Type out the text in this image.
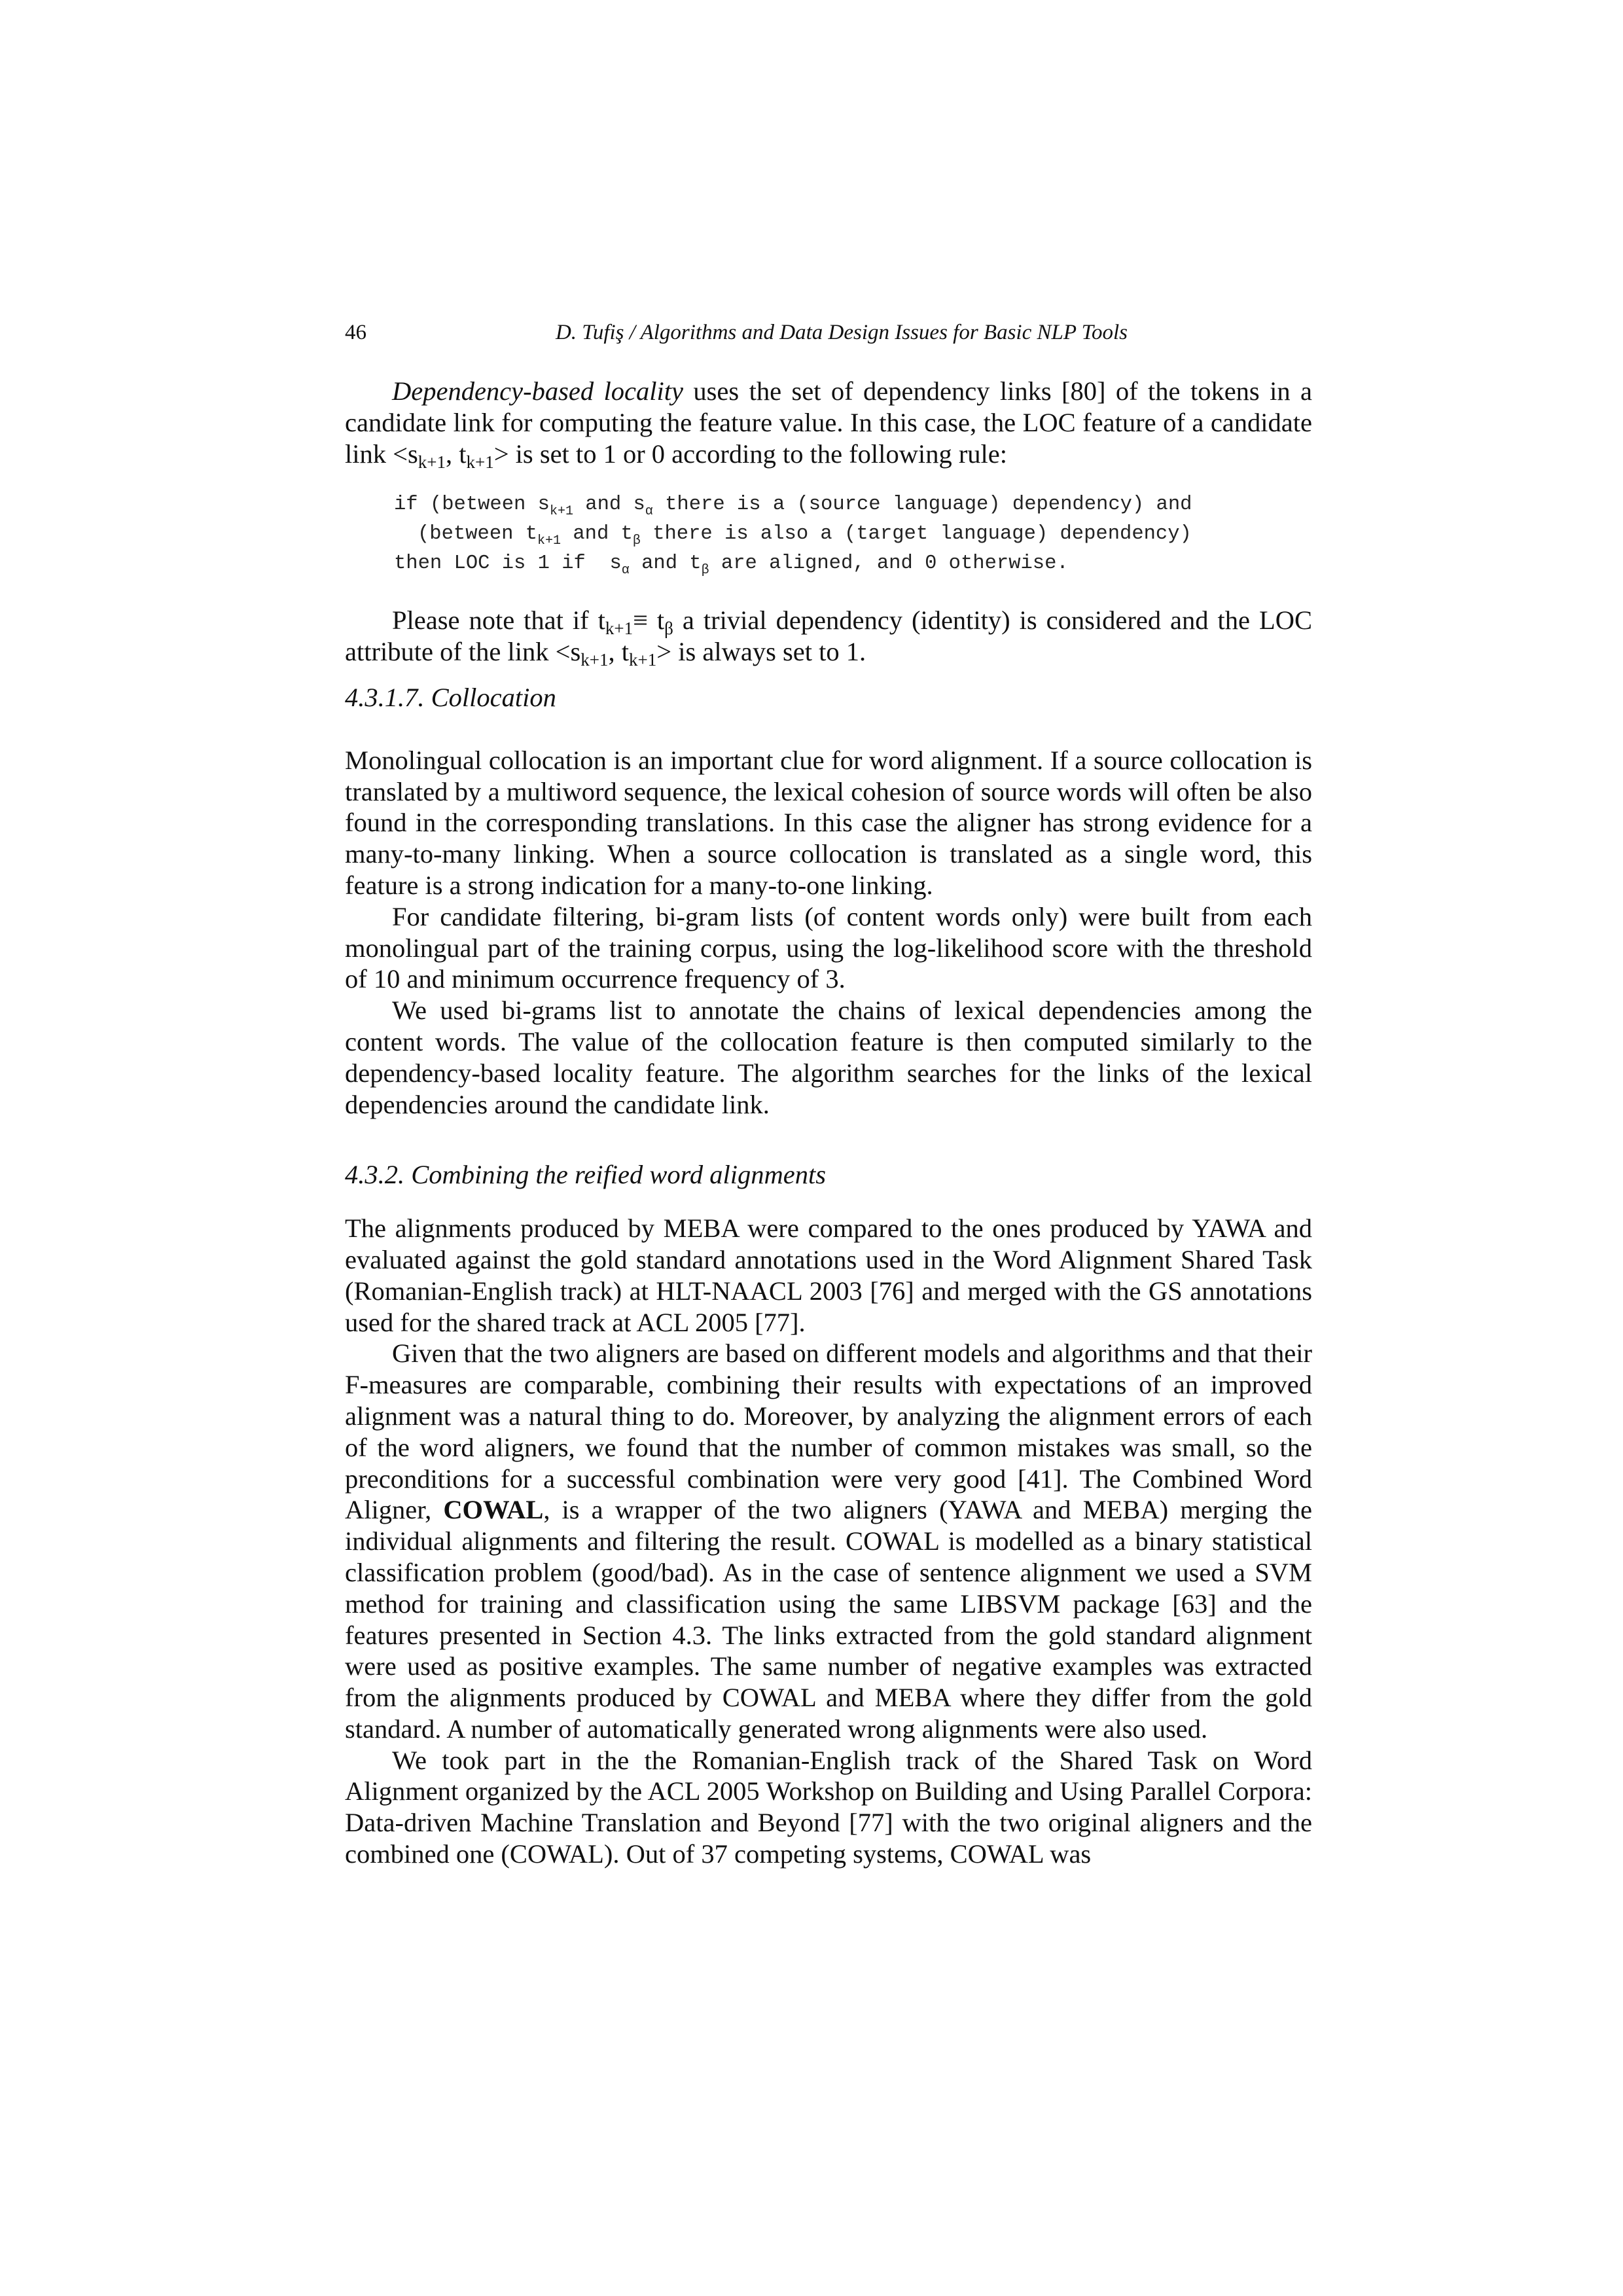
46	D. Tufiş / Algorithms and Data Design Issues for Basic NLP Tools

Dependency-based locality uses the set of dependency links [80] of the tokens in a candidate link for computing the feature value. In this case, the LOC feature of a candidate link $<s_{k+1}$, $t_{k+1}>$ is set to 1 or 0 according to the following rule:

if (between $s_{k+1}$ and $s_\alpha$ there is a (source language) dependency) and
(between $t_{k+1}$ and $t_\beta$ there is also a (target language) dependency)
then LOC is 1 if  $s_\alpha$ and $t_\beta$ are aligned, and 0 otherwise.

Please note that if $t_{k+1}\equiv t_\beta$ a trivial dependency (identity) is considered and the LOC attribute of the link $<s_{k+1}$, $t_{k+1}>$ is always set to 1.

4.3.1.7. Collocation

Monolingual collocation is an important clue for word alignment. If a source collocation is translated by a multiword sequence, the lexical cohesion of source words will often be also found in the corresponding translations. In this case the aligner has strong evidence for a many-to-many linking. When a source collocation is translated as a single word, this feature is a strong indication for a many-to-one linking.

For candidate filtering, bi-gram lists (of content words only) were built from each monolingual part of the training corpus, using the log-likelihood score with the threshold of 10 and minimum occurrence frequency of 3.

We used bi-grams list to annotate the chains of lexical dependencies among the content words. The value of the collocation feature is then computed similarly to the dependency-based locality feature. The algorithm searches for the links of the lexical dependencies around the candidate link.

4.3.2. Combining the reified word alignments

The alignments produced by MEBA were compared to the ones produced by YAWA and evaluated against the gold standard annotations used in the Word Alignment Shared Task (Romanian-English track) at HLT-NAACL 2003 [76] and merged with the GS annotations used for the shared track at ACL 2005 [77].

Given that the two aligners are based on different models and algorithms and that their F-measures are comparable, combining their results with expectations of an improved alignment was a natural thing to do. Moreover, by analyzing the alignment errors of each of the word aligners, we found that the number of common mistakes was small, so the preconditions for a successful combination were very good [41]. The Combined Word Aligner, COWAL, is a wrapper of the two aligners (YAWA and MEBA) merging the individual alignments and filtering the result. COWAL is modelled as a binary statistical classification problem (good/bad). As in the case of sentence alignment we used a SVM method for training and classification using the same LIBSVM package [63] and the features presented in Section 4.3. The links extracted from the gold standard alignment were used as positive examples. The same number of negative examples was extracted from the alignments produced by COWAL and MEBA where they differ from the gold standard. A number of automatically generated wrong alignments were also used.

We took part in the the Romanian-English track of the Shared Task on Word Alignment organized by the ACL 2005 Workshop on Building and Using Parallel Corpora: Data-driven Machine Translation and Beyond [77] with the two original aligners and the combined one (COWAL). Out of 37 competing systems, COWAL was
